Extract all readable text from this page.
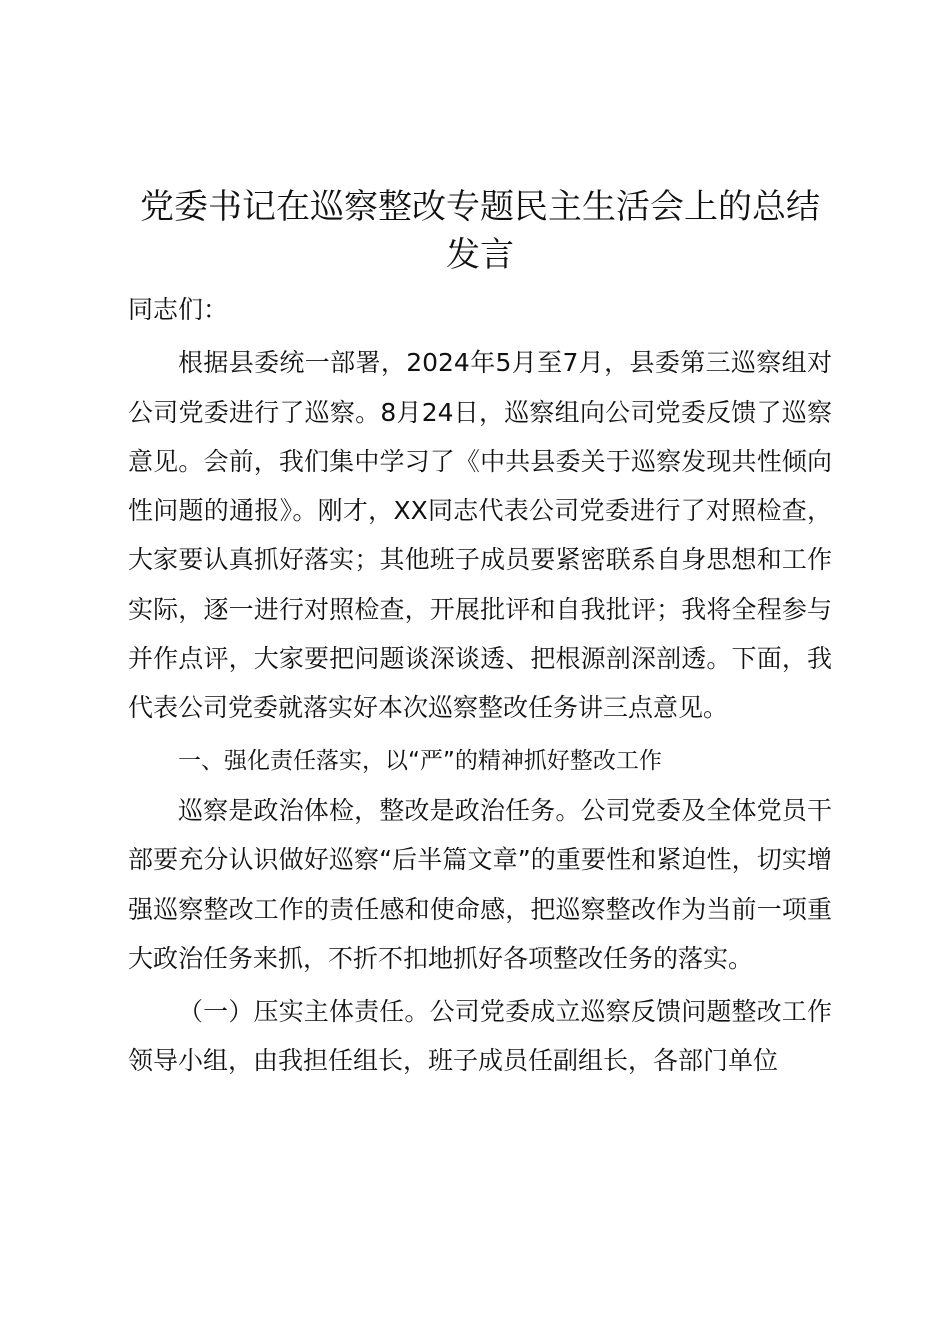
党委书记在巡察整改专题民主生活会上的总结发言

同志们：

根据县委统一部署，2024年5月至7月，县委第三巡察组对公司党委进行了巡察。8月24日，巡察组向公司党委反馈了巡察意见。会前，我们集中学习了《中共县委关于巡察发现共性倾向性问题的通报》。刚才，XX同志代表公司党委进行了对照检查，大家要认真抓好落实；其他班子成员要紧密联系自身思想和工作实际，逐一进行对照检查，开展批评和自我批评；我将全程参与并作点评，大家要把问题谈深谈透、把根源剖深剖透。下面，我代表公司党委就落实好本次巡察整改任务讲三点意见。

一、强化责任落实，以“严”的精神抓好整改工作

巡察是政治体检，整改是政治任务。公司党委及全体党员干部要充分认识做好巡察“后半篇文章”的重要性和紧迫性，切实增强巡察整改工作的责任感和使命感，把巡察整改作为当前一项重大政治任务来抓，不折不扣地抓好各项整改任务的落实。

（一）压实主体责任。公司党委成立巡察反馈问题整改工作领导小组，由我担任组长，班子成员任副组长，各部门单位
